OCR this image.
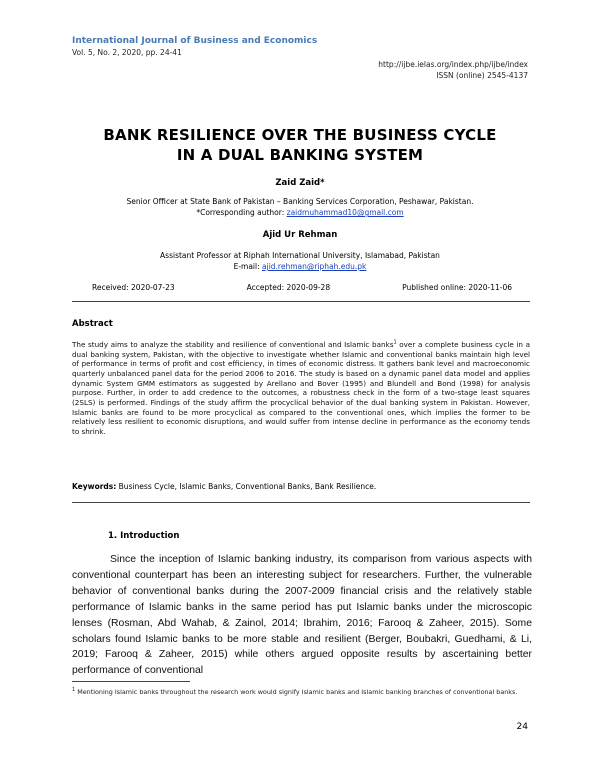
International Journal of Business and Economics
Vol. 5, No. 2, 2020, pp. 24-41
http://ijbe.ielas.org/index.php/ijbe/index
ISSN (online) 2545-4137
BANK RESILIENCE OVER THE BUSINESS CYCLE
IN A DUAL BANKING SYSTEM
Zaid Zaid*
Senior Officer at State Bank of Pakistan – Banking Services Corporation, Peshawar, Pakistan.
*Corresponding author: zaidmuhammad10@gmail.com
Ajid Ur Rehman
Assistant Professor at Riphah International University, Islamabad, Pakistan
E-mail: ajid.rehman@riphah.edu.pk
Received: 2020-07-23	Accepted: 2020-09-28	Published online: 2020-11-06
Abstract
The study aims to analyze the stability and resilience of conventional and Islamic banks$^1$ over a complete business cycle in a dual banking system, Pakistan, with the objective to investigate whether Islamic and conventional banks maintain high level of performance in terms of profit and cost efficiency, in times of economic distress. It gathers bank level and macroeconomic quarterly unbalanced panel data for the period 2006 to 2016. The study is based on a dynamic panel data model and applies dynamic System GMM estimators as suggested by Arellano and Bover (1995) and Blundell and Bond (1998) for analysis purpose. Further, in order to add credence to the outcomes, a robustness check in the form of a two-stage least squares (2SLS) is performed. Findings of the study affirm the procyclical behavior of the dual banking system in Pakistan. However, Islamic banks are found to be more procyclical as compared to the conventional ones, which implies the former to be relatively less resilient to economic disruptions, and would suffer from intense decline in performance as the economy tends to shrink.
Keywords: Business Cycle, Islamic Banks, Conventional Banks, Bank Resilience.
1. Introduction

Since the inception of Islamic banking industry, its comparison from various aspects with conventional counterpart has been an interesting subject for researchers. Further, the vulnerable behavior of conventional banks during the 2007-2009 financial crisis and the relatively stable performance of Islamic banks in the same period has put Islamic banks under the microscopic lenses (Rosman, Abd Wahab, & Zainol, 2014; Ibrahim, 2016; Farooq & Zaheer, 2015). Some scholars found Islamic banks to be more stable and resilient (Berger, Boubakri, Guedhami, & Li, 2019; Farooq & Zaheer, 2015) while others argued opposite results by ascertaining better performance of conventional

$^1$ Mentioning Islamic banks throughout the research work would signify Islamic banks and Islamic banking branches of conventional banks.
24
